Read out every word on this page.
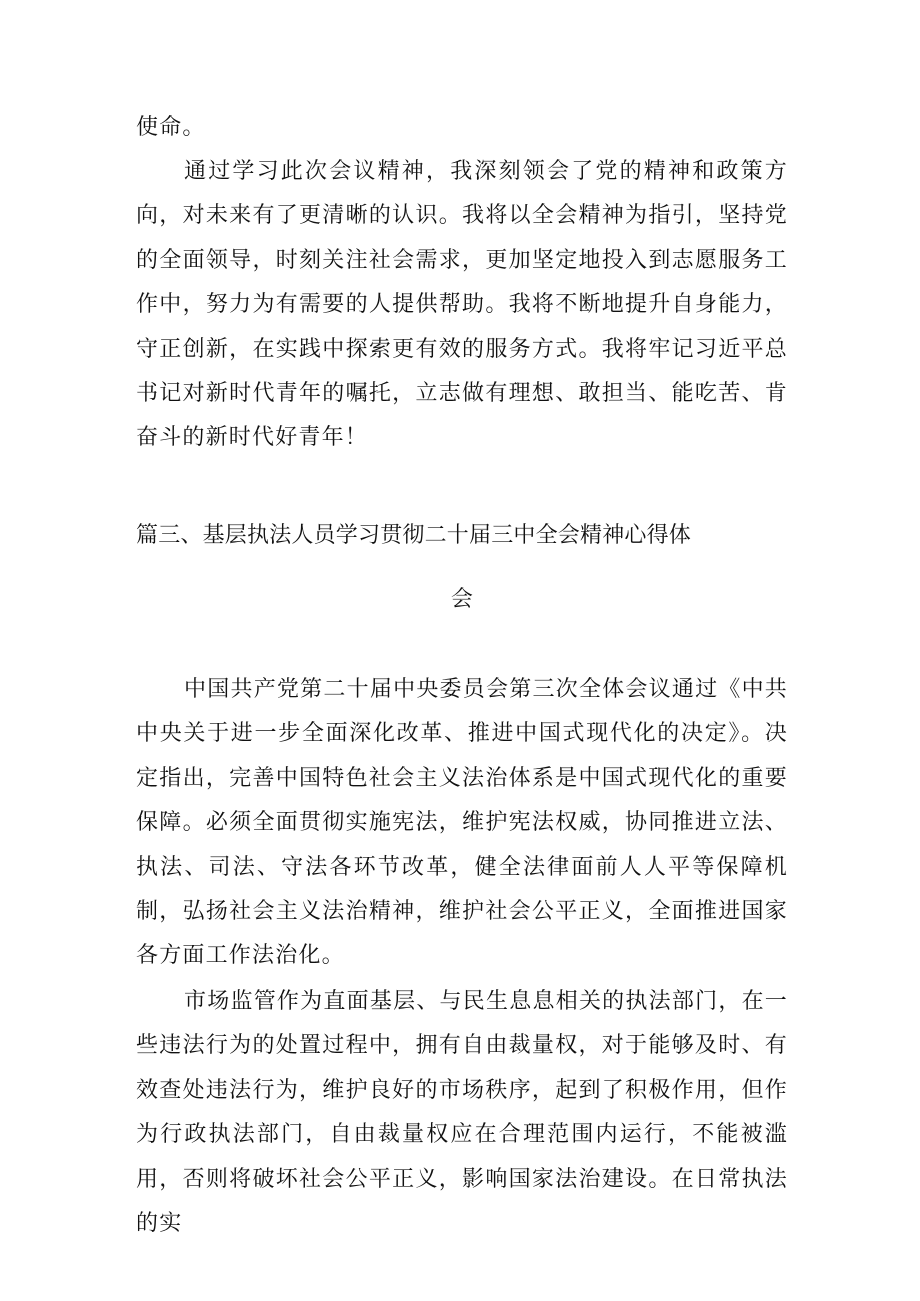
使命。

通过学习此次会议精神，我深刻领会了党的精神和政策方向，对未来有了更清晰的认识。我将以全会精神为指引，坚持党的全面领导，时刻关注社会需求，更加坚定地投入到志愿服务工作中，努力为有需要的人提供帮助。我将不断地提升自身能力，守正创新，在实践中探索更有效的服务方式。我将牢记习近平总书记对新时代青年的嘱托，立志做有理想、敢担当、能吃苦、肯奋斗的新时代好青年！

篇三、基层执法人员学习贯彻二十届三中全会精神心得体
会

中国共产党第二十届中央委员会第三次全体会议通过《中共中央关于进一步全面深化改革、推进中国式现代化的决定》。决定指出，完善中国特色社会主义法治体系是中国式现代化的重要保障。必须全面贯彻实施宪法，维护宪法权威，协同推进立法、执法、司法、守法各环节改革，健全法律面前人人平等保障机制，弘扬社会主义法治精神，维护社会公平正义，全面推进国家各方面工作法治化。

市场监管作为直面基层、与民生息息相关的执法部门，在一些违法行为的处置过程中，拥有自由裁量权，对于能够及时、有效查处违法行为，维护良好的市场秩序，起到了积极作用，但作为行政执法部门，自由裁量权应在合理范围内运行，不能被滥用，否则将破坏社会公平正义，影响国家法治建设。在日常执法的实
